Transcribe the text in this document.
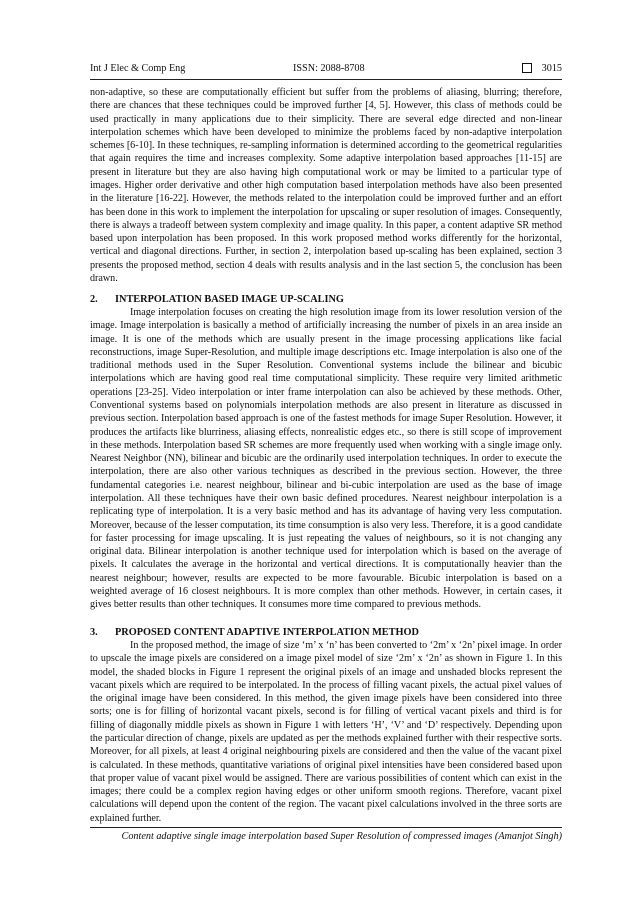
Int J Elec & Comp Eng	ISSN: 2088-8708	3015

non-adaptive, so these are computationally efficient but suffer from the problems of aliasing, blurring; therefore, there are chances that these techniques could be improved further [4, 5]. However, this class of methods could be used practically in many applications due to their simplicity. There are several edge directed and non-linear interpolation schemes which have been developed to minimize the problems faced by non-adaptive interpolation schemes [6-10]. In these techniques, re-sampling information is determined according to the geometrical regularities that again requires the time and increases complexity. Some adaptive interpolation based approaches [11-15] are present in literature but they are also having high computational work or may be limited to a particular type of images. Higher order derivative and other high computation based interpolation methods have also been presented in the literature [16-22]. However, the methods related to the interpolation could be improved further and an effort has been done in this work to implement the interpolation for upscaling or super resolution of images. Consequently, there is always a tradeoff between system complexity and image quality. In this paper, a content adaptive SR method based upon interpolation has been proposed. In this work proposed method works differently for the horizontal, vertical and diagonal directions. Further, in section 2, interpolation based up-scaling has been explained, section 3 presents the proposed method, section 4 deals with results analysis and in the last section 5, the conclusion has been drawn.

2. INTERPOLATION BASED IMAGE UP-SCALING

Image interpolation focuses on creating the high resolution image from its lower resolution version of the image. Image interpolation is basically a method of artificially increasing the number of pixels in an area inside an image. It is one of the methods which are usually present in the image processing applications like facial reconstructions, image Super-Resolution, and multiple image descriptions etc. Image interpolation is also one of the traditional methods used in the Super Resolution. Conventional systems include the bilinear and bicubic interpolations which are having good real time computational simplicity. These require very limited arithmetic operations [23-25]. Video interpolation or inter frame interpolation can also be achieved by these methods. Other, Conventional systems based on polynomials interpolation methods are also present in literature as discussed in previous section. Interpolation based approach is one of the fastest methods for image Super Resolution. However, it produces the artifacts like blurriness, aliasing effects, nonrealistic edges etc., so there is still scope of improvement in these methods. Interpolation based SR schemes are more frequently used when working with a single image only. Nearest Neighbor (NN), bilinear and bicubic are the ordinarily used interpolation techniques. In order to execute the interpolation, there are also other various techniques as described in the previous section. However, the three fundamental categories i.e. nearest neighbour, bilinear and bi-cubic interpolation are used as the base of image interpolation. All these techniques have their own basic defined procedures. Nearest neighbour interpolation is a replicating type of interpolation. It is a very basic method and has its advantage of having very less computation. Moreover, because of the lesser computation, its time consumption is also very less. Therefore, it is a good candidate for faster processing for image upscaling. It is just repeating the values of neighbours, so it is not changing any original data. Bilinear interpolation is another technique used for interpolation which is based on the average of pixels. It calculates the average in the horizontal and vertical directions. It is computationally heavier than the nearest neighbour; however, results are expected to be more favourable. Bicubic interpolation is based on a weighted average of 16 closest neighbours. It is more complex than other methods. However, in certain cases, it gives better results than other techniques. It consumes more time compared to previous methods.

3. PROPOSED CONTENT ADAPTIVE INTERPOLATION METHOD

In the proposed method, the image of size ‘m’ x ‘n’ has been converted to ‘2m’ x ‘2n’ pixel image. In order to upscale the image pixels are considered on a image pixel model of size ‘2m’ x ‘2n’ as shown in Figure 1. In this model, the shaded blocks in Figure 1 represent the original pixels of an image and unshaded blocks represent the vacant pixels which are required to be interpolated. In the process of filling vacant pixels, the actual pixel values of the original image have been considered. In this method, the given image pixels have been considered into three sorts; one is for filling of horizontal vacant pixels, second is for filling of vertical vacant pixels and third is for filling of diagonally middle pixels as shown in Figure 1 with letters ‘H’, ‘V’ and ‘D’ respectively. Depending upon the particular direction of change, pixels are updated as per the methods explained further with their respective sorts. Moreover, for all pixels, at least 4 original neighbouring pixels are considered and then the value of the vacant pixel is calculated. In these methods, quantitative variations of original pixel intensities have been considered based upon that proper value of vacant pixel would be assigned. There are various possibilities of content which can exist in the images; there could be a complex region having edges or other uniform smooth regions. Therefore, vacant pixel calculations will depend upon the content of the region. The vacant pixel calculations involved in the three sorts are explained further.

Content adaptive single image interpolation based Super Resolution of compressed images (Amanjot Singh)
